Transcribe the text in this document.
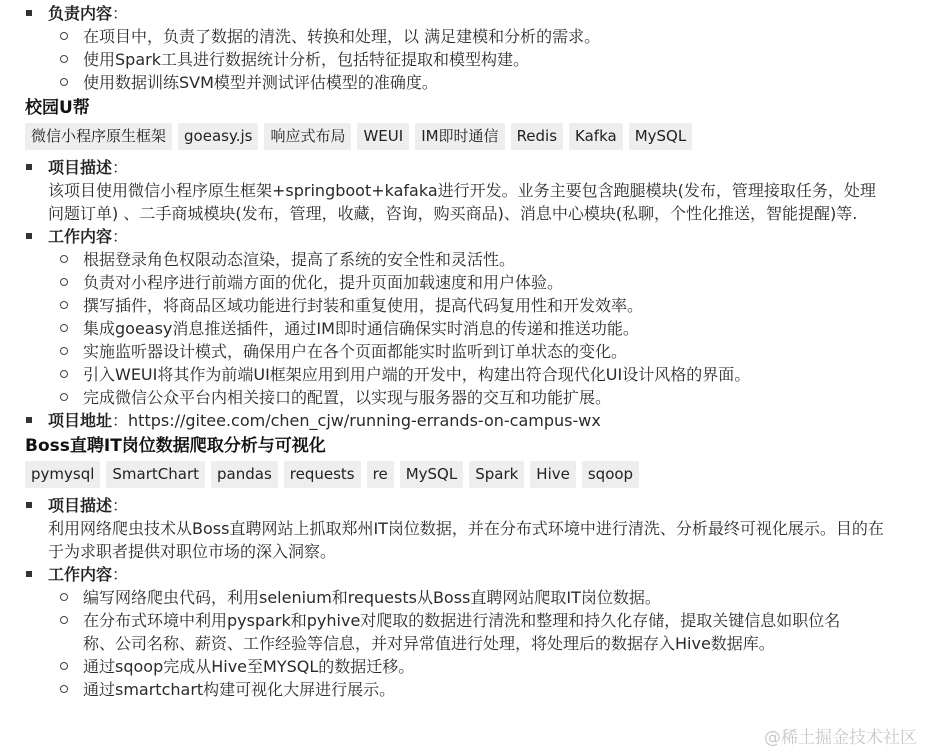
负责内容：
在项目中，负责了数据的清洗、转换和处理，以 满足建模和分析的需求。
使用Spark工具进行数据统计分析，包括特征提取和模型构建。
使用数据训练SVM模型并测试评估模型的准确度。
校园U帮
微信小程序原生框架	goeasy.js	响应式布局	WEUI	IM即时通信	Redis	Kafka	MySQL
项目描述：
该项目使用微信小程序原生框架+springboot+kafaka进行开发。业务主要包含跑腿模块(发布，管理接取任务，处理问题订单) 、二手商城模块(发布，管理，收藏，咨询，购买商品)、消息中心模块(私聊，个性化推送，智能提醒)等.
工作内容：
根据登录角色权限动态渲染，提高了系统的安全性和灵活性。
负责对小程序进行前端方面的优化，提升页面加载速度和用户体验。
撰写插件，将商品区域功能进行封装和重复使用，提高代码复用性和开发效率。
集成goeasy消息推送插件，通过IM即时通信确保实时消息的传递和推送功能。
实施监听器设计模式，确保用户在各个页面都能实时监听到订单状态的变化。
引入WEUI将其作为前端UI框架应用到用户端的开发中，构建出符合现代化UI设计风格的界面。
完成微信公众平台内相关接口的配置，以实现与服务器的交互和功能扩展。
项目地址：https://gitee.com/chen_cjw/running-errands-on-campus-wx
Boss直聘IT岗位数据爬取分析与可视化
pymysql	SmartChart	pandas	requests	re	MySQL	Spark	Hive	sqoop
项目描述：
利用网络爬虫技术从Boss直聘网站上抓取郑州IT岗位数据，并在分布式环境中进行清洗、分析最终可视化展示。目的在于为求职者提供对职位市场的深入洞察。
工作内容：
编写网络爬虫代码，利用selenium和requests从Boss直聘网站爬取IT岗位数据。
在分布式环境中利用pyspark和pyhive对爬取的数据进行清洗和整理和持久化存储，提取关键信息如职位名称、公司名称、薪资、工作经验等信息，并对异常值进行处理，将处理后的数据存入Hive数据库。
通过sqoop完成从Hive至MYSQL的数据迁移。
通过smartchart构建可视化大屏进行展示。
@稀土掘金技术社区
